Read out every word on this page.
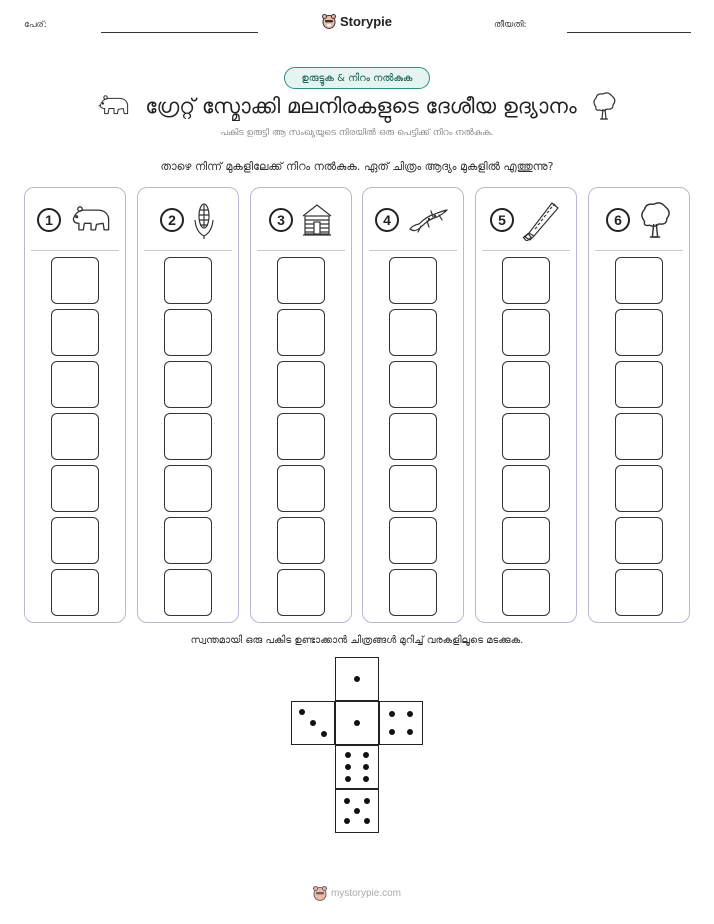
പേര്:	Storypie	തീയതി:
ഉരുട്ടുക & നിറം നൽകുക
ഗ്രേറ്റ് സ്മോക്കി മലനിരകളുടെ ദേശീയ ഉദ്യാനം
പകിട ഉരുട്ടി ആ സംഖ്യയുടെ നിരയിൽ ഒരു പെട്ടിക്ക് നിറം നൽകുക.
താഴെ നിന്ന് മുകളിലേക്ക് നിറം നൽകുക. ഏത് ചിത്രം ആദ്യം മുകളിൽ എത്തുന്നു?
1	2	3	4	5	6
സ്വന്തമായി ഒരു പകിട ഉണ്ടാക്കാൻ ചിത്രങ്ങൾ മുറിച്ച് വരകളിലൂടെ മടക്കുക.
mystorypie.com
